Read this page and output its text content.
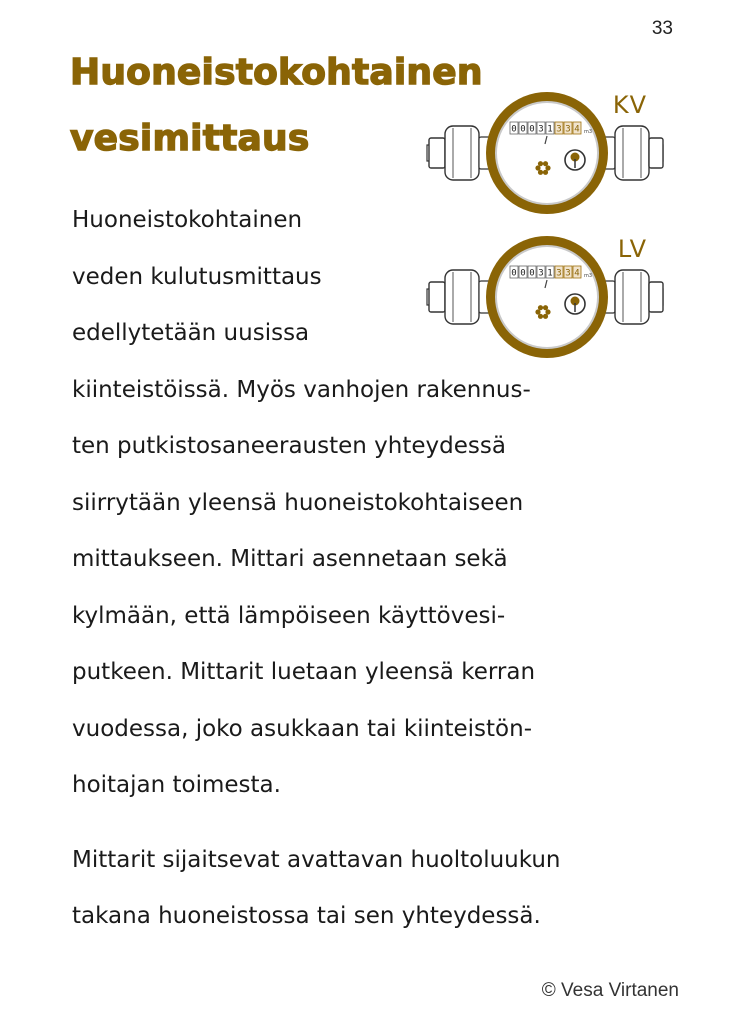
33
Huoneistokohtainen
vesimittaus	0 0 0 3 1 3 3 4 m3
KV
0 0 0 3 1 3 3 4 m3
LV
Huoneistokohtainen
veden kulutusmittaus
edellytetään uusissa
kiinteistöissä. Myös vanhojen rakennus-
ten putkistosaneerausten yhteydessä
siirrytään yleensä huoneistokohtaiseen
mittaukseen. Mittari asennetaan sekä
kylmään, että lämpöiseen käyttövesi-
putkeen. Mittarit luetaan yleensä kerran
vuodessa, joko asukkaan tai kiinteistön-
hoitajan toimesta.
Mittarit sijaitsevat avattavan huoltoluukun
takana huoneistossa tai sen yhteydessä.
© Vesa Virtanen
